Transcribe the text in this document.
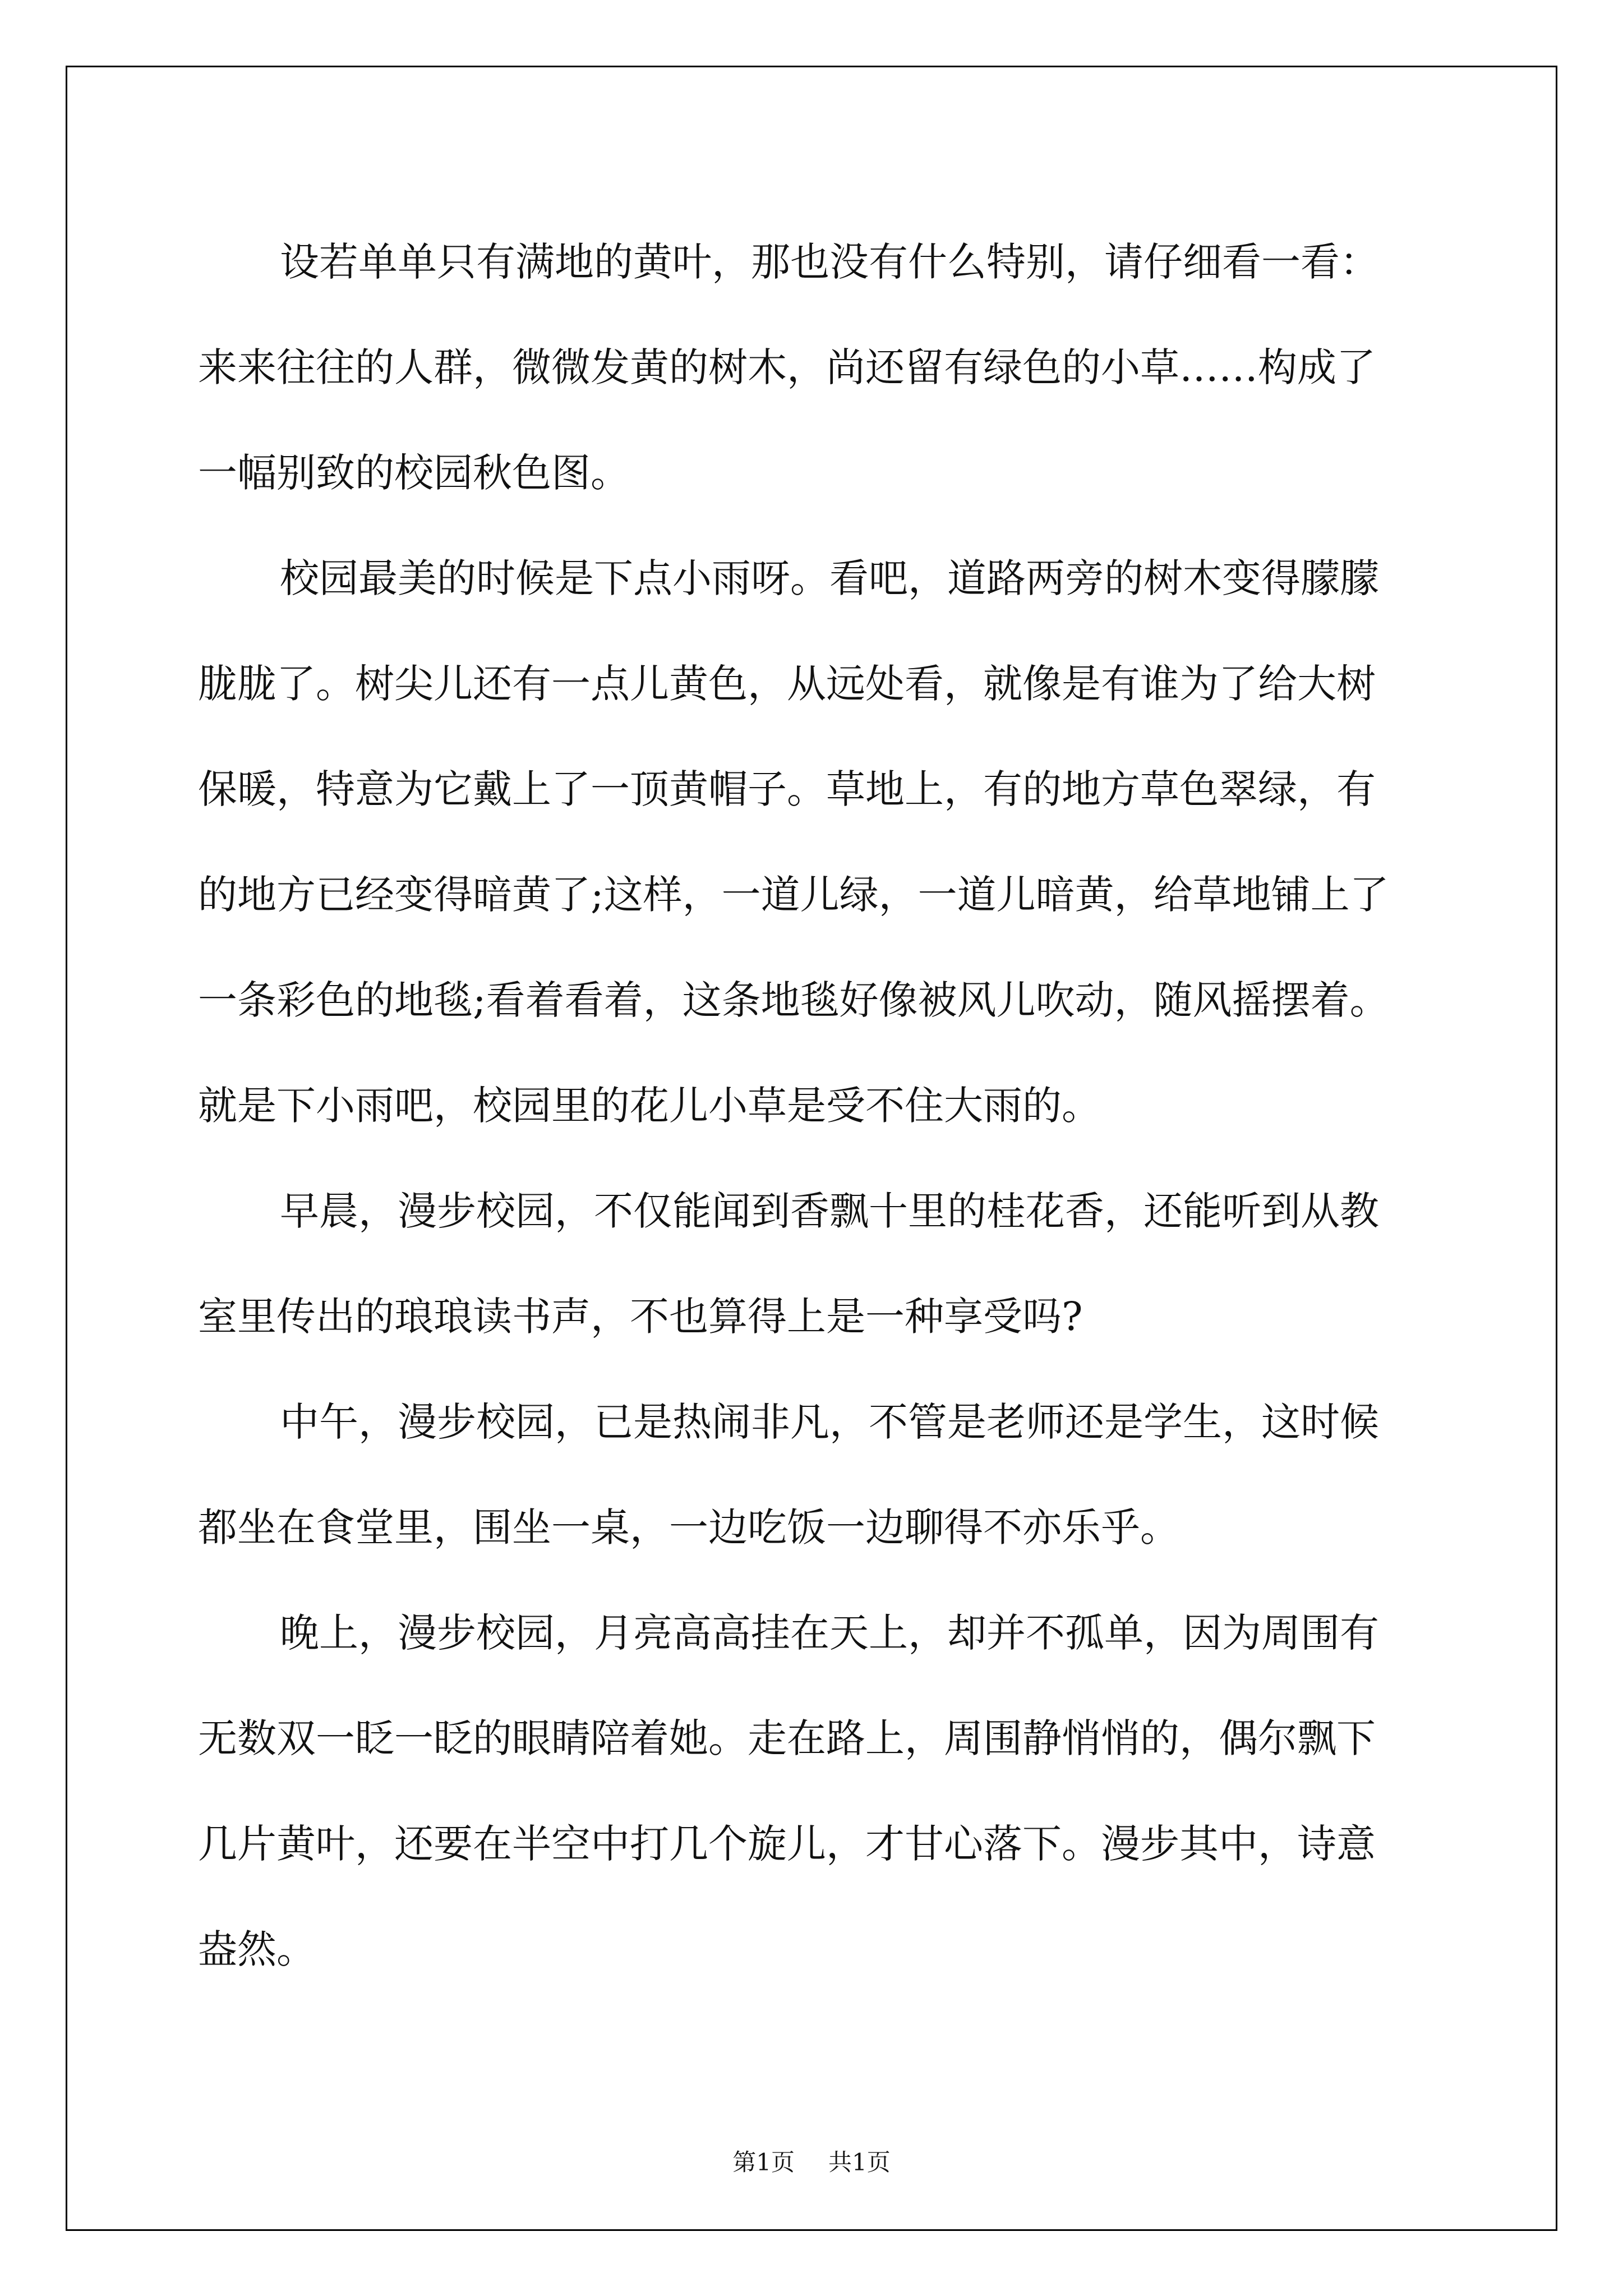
设若单单只有满地的黄叶，那也没有什么特别，请仔细看一看：
来来往往的人群，微微发黄的树木，尚还留有绿色的小草……构成了
一幅别致的校园秋色图。

校园最美的时候是下点小雨呀。看吧，道路两旁的树木变得朦朦
胧胧了。树尖儿还有一点儿黄色，从远处看，就像是有谁为了给大树
保暖，特意为它戴上了一顶黄帽子。草地上，有的地方草色翠绿，有
的地方已经变得暗黄了;这样，一道儿绿，一道儿暗黄，给草地铺上了
一条彩色的地毯;看着看着，这条地毯好像被风儿吹动，随风摇摆着。
就是下小雨吧，校园里的花儿小草是受不住大雨的。

早晨，漫步校园，不仅能闻到香飘十里的桂花香，还能听到从教
室里传出的琅琅读书声，不也算得上是一种享受吗?

中午，漫步校园，已是热闹非凡，不管是老师还是学生，这时候
都坐在食堂里，围坐一桌，一边吃饭一边聊得不亦乐乎。

晚上，漫步校园，月亮高高挂在天上，却并不孤单，因为周围有
无数双一眨一眨的眼睛陪着她。走在路上，周围静悄悄的，偶尔飘下
几片黄叶，还要在半空中打几个旋儿，才甘心落下。漫步其中，诗意
盎然。

第1页 共1页
